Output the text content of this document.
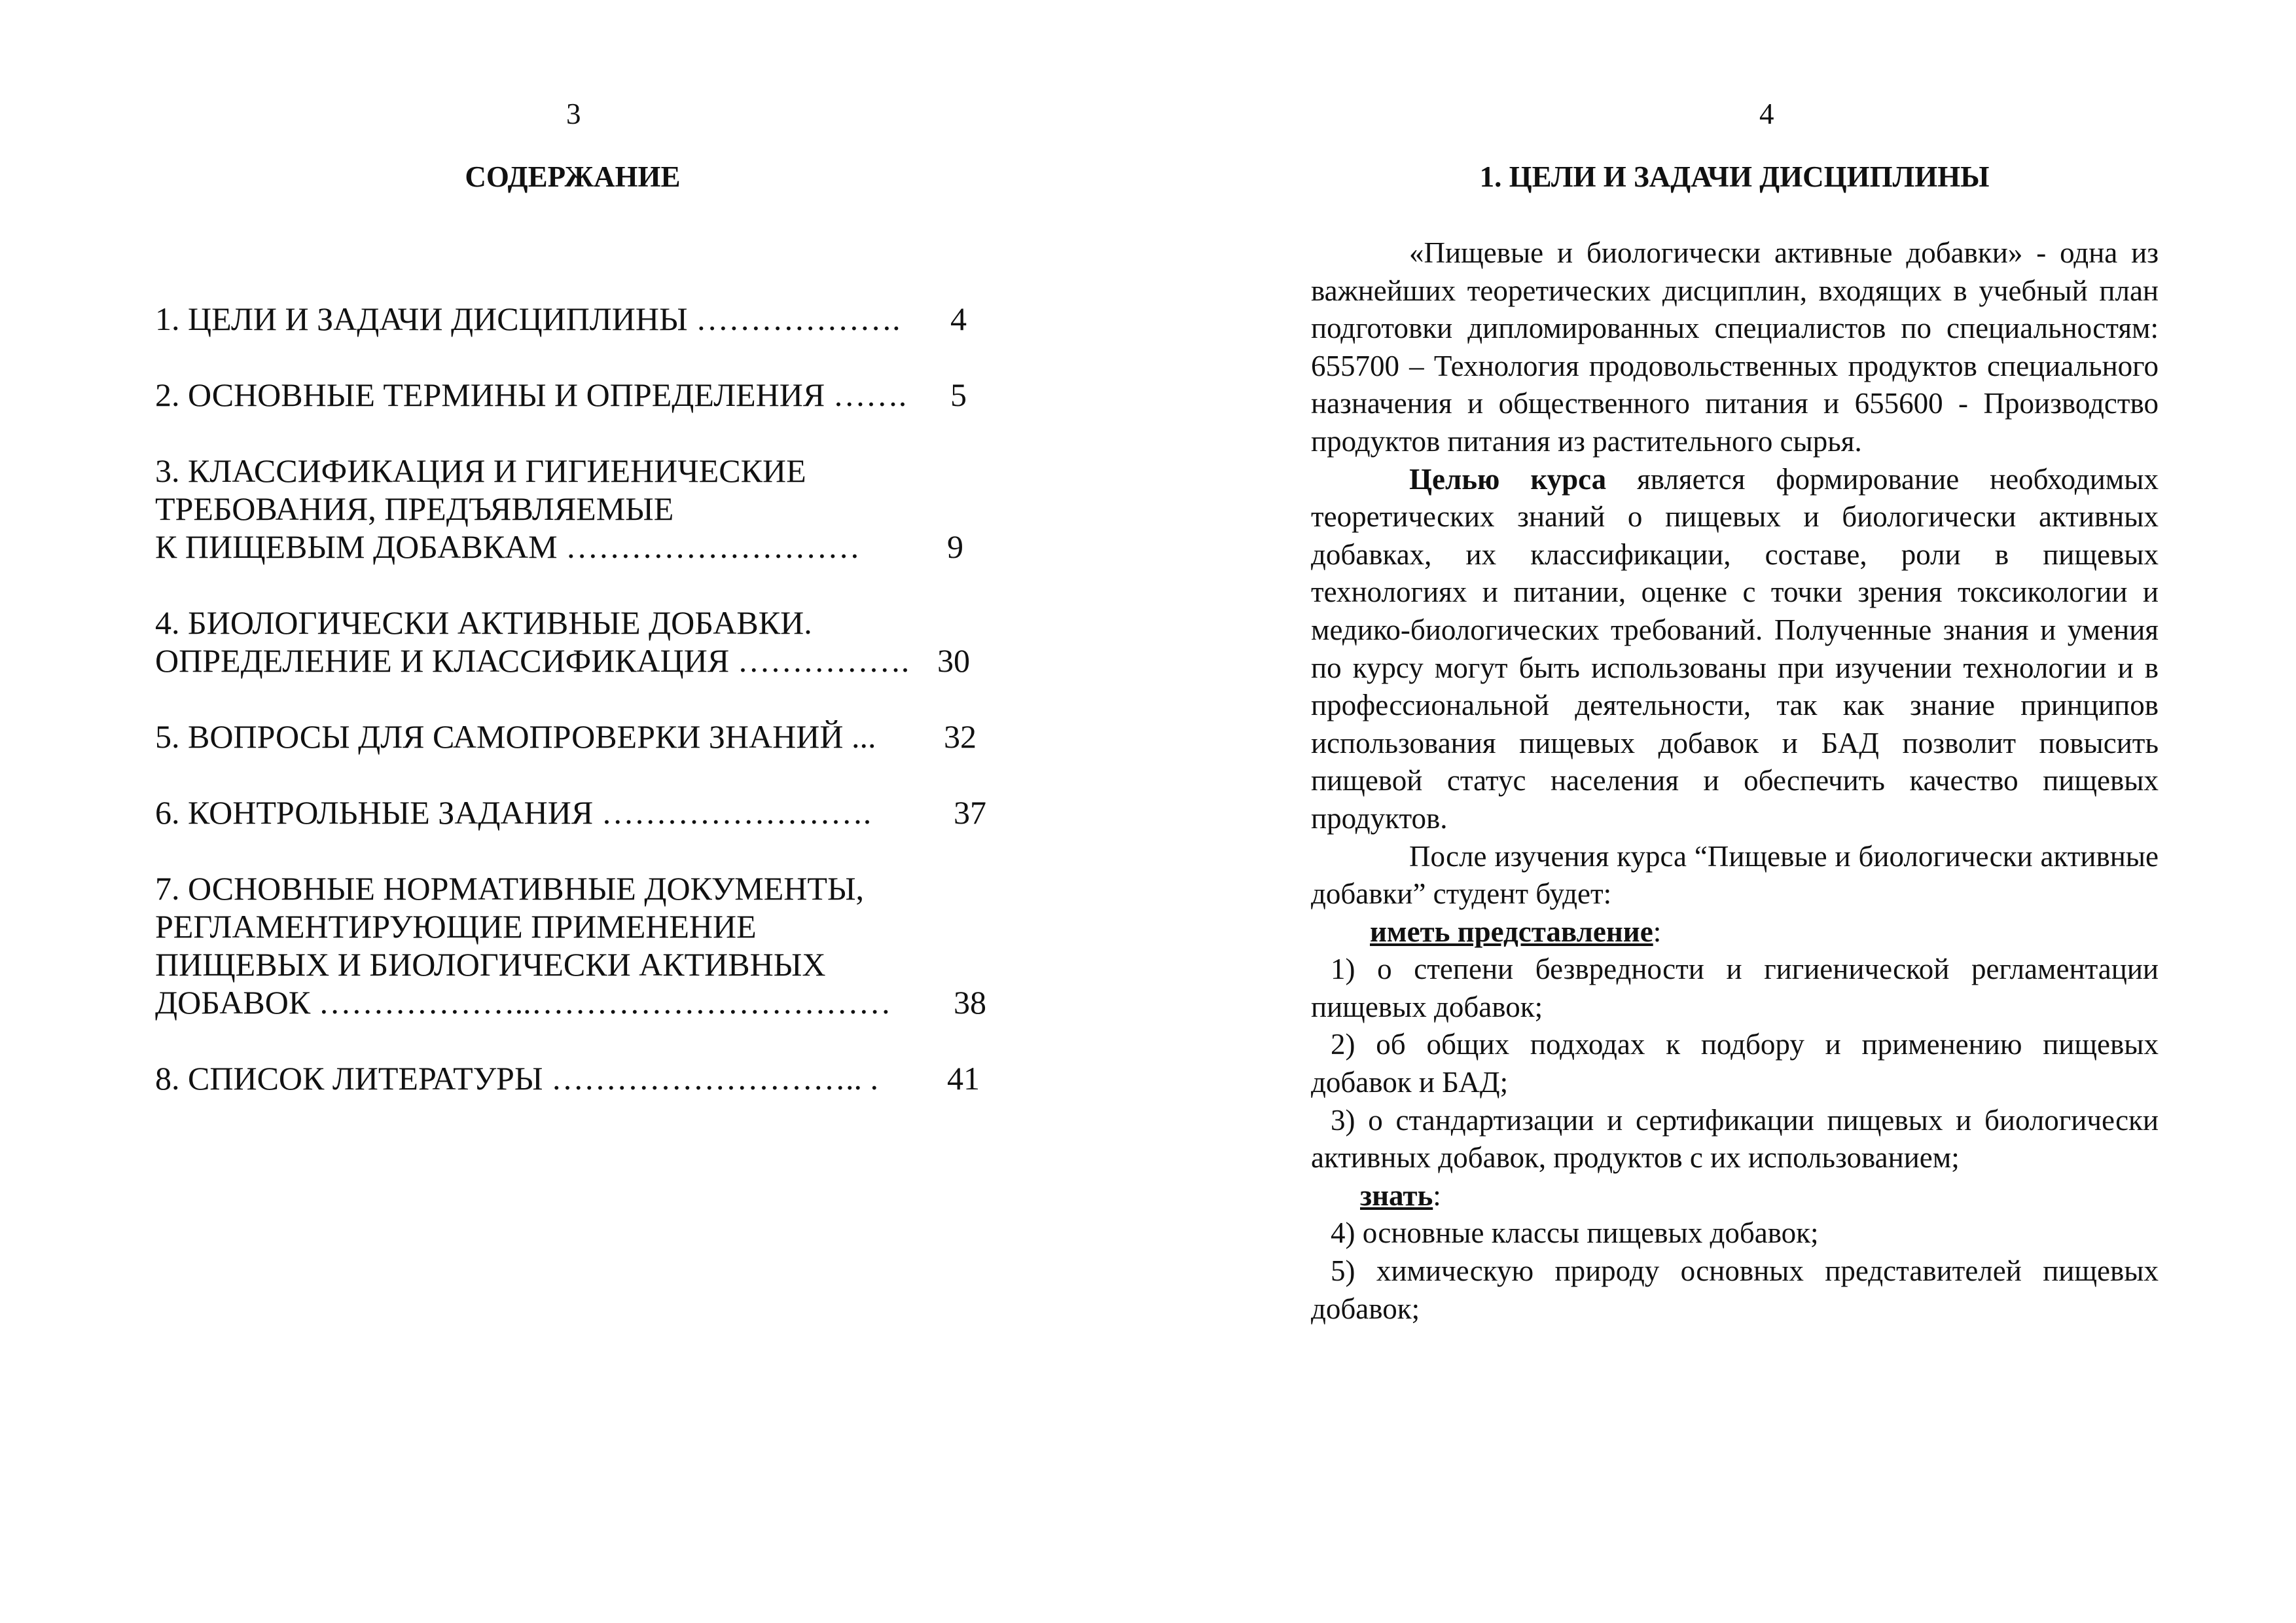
3
СОДЕРЖАНИЕ
1. ЦЕЛИ И ЗАДАЧИ ДИСЦИПЛИНЫ ……………….	4
2. ОСНОВНЫЕ ТЕРМИНЫ И ОПРЕДЕЛЕНИЯ …….	5
3. КЛАССИФИКАЦИЯ И ГИГИЕНИЧЕСКИЕ
ТРЕБОВАНИЯ, ПРЕДЪЯВЛЯЕМЫЕ
К ПИЩЕВЫМ ДОБАВКАМ ………………………	9
4. БИОЛОГИЧЕСКИ АКТИВНЫЕ ДОБАВКИ.
ОПРЕДЕЛЕНИЕ И КЛАССИФИКАЦИЯ ……………. 30
5. ВОПРОСЫ ДЛЯ САМОПРОВЕРКИ ЗНАНИЙ ...	32
6. КОНТРОЛЬНЫЕ ЗАДАНИЯ …………………….	37
7. ОСНОВНЫЕ НОРМАТИВНЫЕ ДОКУМЕНТЫ,
РЕГЛАМЕНТИРУЮЩИЕ ПРИМЕНЕНИЕ
ПИЩЕВЫХ И БИОЛОГИЧЕСКИ АКТИВНЫХ
ДОБАВОК ………………..……………………………	38
8. СПИСОК ЛИТЕРАТУРЫ ……………………….. .	41
4
1. ЦЕЛИ И ЗАДАЧИ ДИСЦИПЛИНЫ

«Пищевые и биологически активные добавки» - одна из важнейших теоретических дисциплин, входящих в учебный план подготовки дипломированных специалистов по специальностям: 655700 – Технология продовольственных продуктов специального назначения и общественного питания и 655600 - Производство продуктов питания из растительного сырья.

Целью курса является формирование необходимых теоретических знаний о пищевых и биологически активных добавках, их классификации, составе, роли в пищевых технологиях и питании, оценке с точки зрения токсикологии и медико-биологических требований. Полученные знания и умения по курсу могут быть использованы при изучении технологии и в профессиональной деятельности, так как знание принципов использования пищевых добавок и БАД позволит повысить пищевой статус населения и обеспечить качество пищевых продуктов.

После изучения курса “Пищевые и биологически активные добавки” студент будет:

иметь представление:

1) о степени безвредности и гигиенической регламентации пищевых добавок;

2) об общих подходах к подбору и применению пищевых добавок и БАД;

3) о стандартизации и сертификации пищевых и биологически активных добавок, продуктов с их использованием;

знать:

4) основные классы пищевых добавок;

5) химическую природу основных представителей пищевых добавок;
